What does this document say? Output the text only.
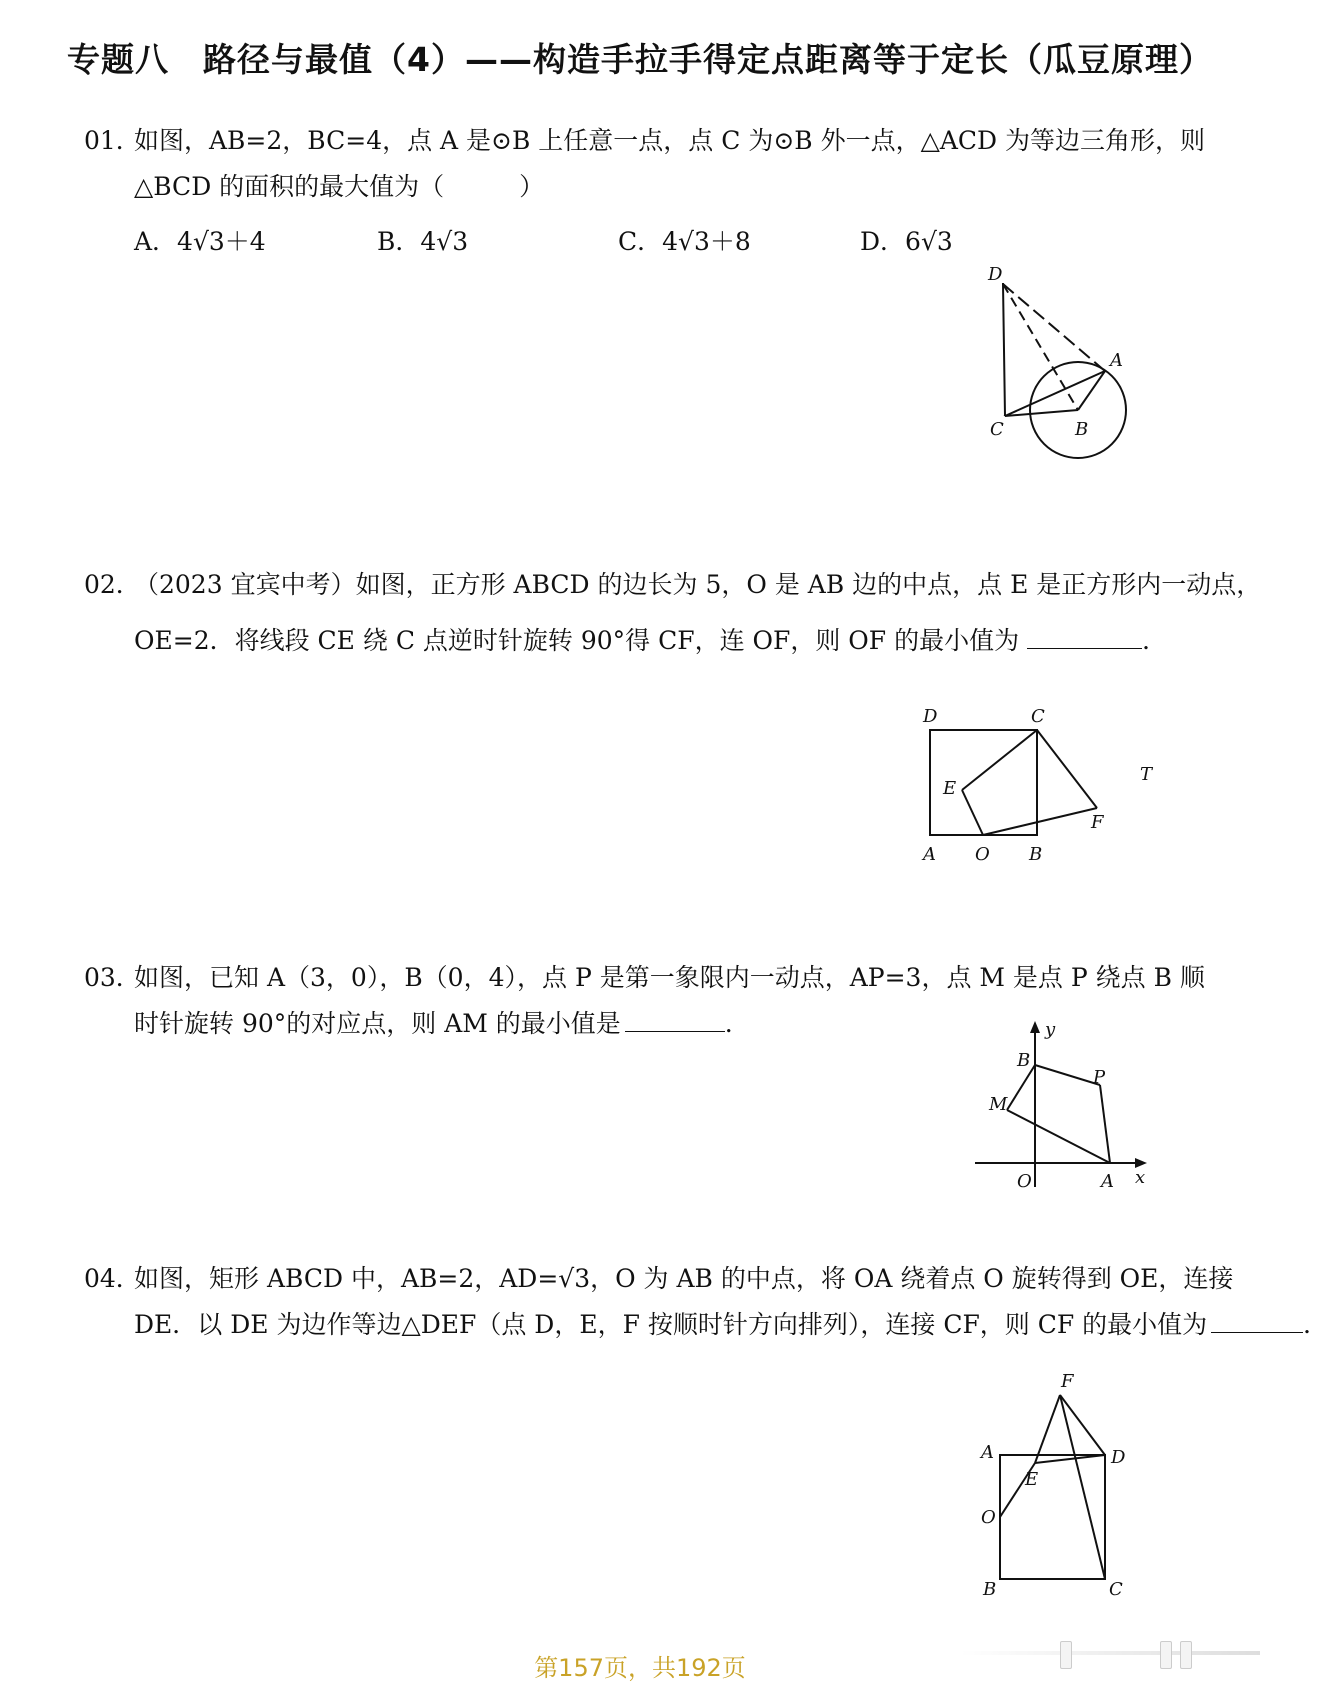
专题八　路径与最值（4）——构造手拉手得定点距离等于定长（瓜豆原理）
01．如图，AB=2，BC=4，点 A 是⊙B 上任意一点，点 C 为⊙B 外一点，△ACD 为等边三角形，则
△BCD 的面积的最大值为（　　　）
A．4√3＋4	B．4√3	C．4√3＋8	D．6√3
D
A
C	B
02．（2023 宜宾中考）如图，正方形 ABCD 的边长为 5，O 是 AB 边的中点，点 E 是正方形内一动点，
OE=2．将线段 CE 绕 C 点逆时针旋转 90°得 CF，连 OF，则 OF 的最小值为	．
D	C
E
F
T
A O B
03．如图，已知 A（3，0），B（0，4），点 P 是第一象限内一动点，AP=3，点 M 是点 P 绕点 B 顺
时针旋转 90°的对应点，则 AM 的最小值是	．	y
B
P
M
O	A x
04．如图，矩形 ABCD 中，AB=2，AD=√3，O 为 AB 的中点，将 OA 绕着点 O 旋转得到 OE，连接
DE．以 DE 为边作等边△DEF（点 D，E，F 按顺时针方向排列），连接 CF，则 CF 的最小值为	．
F
A	D
E
O
B	C
第157页，共192页
